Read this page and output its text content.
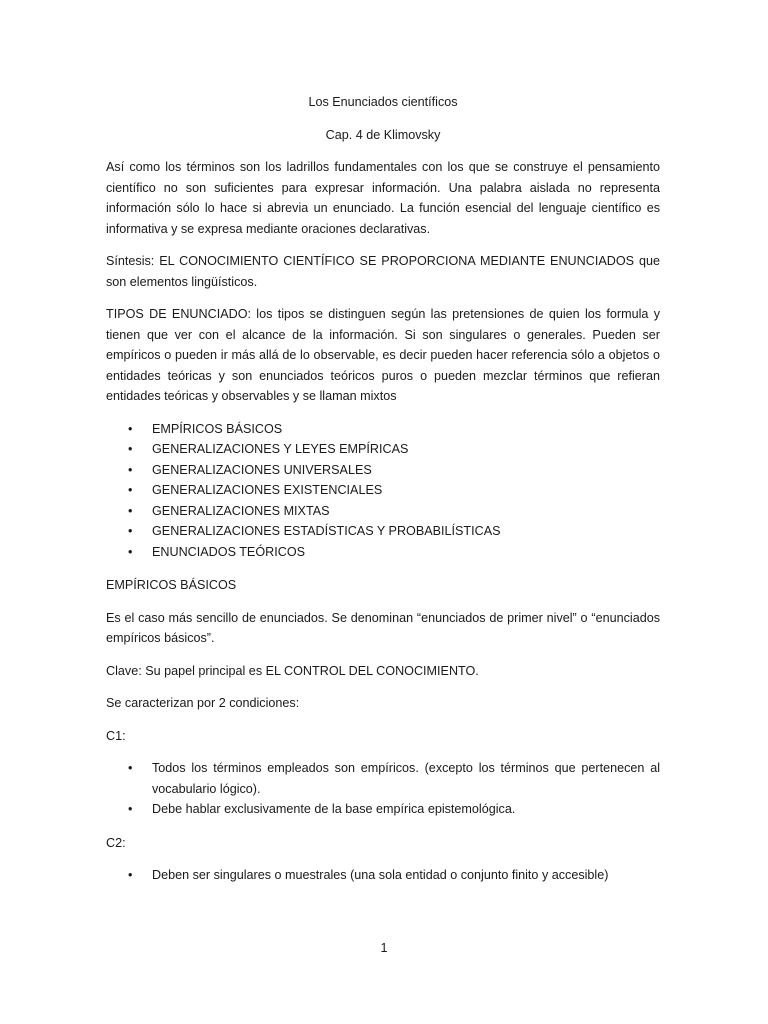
Los Enunciados científicos

Cap. 4 de Klimovsky

Así como los términos son los ladrillos fundamentales con los que se construye el pensamiento científico no son suficientes para expresar información. Una palabra aislada no representa información sólo lo hace si abrevia un enunciado. La función esencial del lenguaje científico es informativa y se expresa mediante oraciones declarativas.

Síntesis: EL CONOCIMIENTO CIENTÍFICO SE PROPORCIONA MEDIANTE ENUNCIADOS que son elementos lingüísticos.

TIPOS DE ENUNCIADO: los tipos se distinguen según las pretensiones de quien los formula y tienen que ver con el alcance de la información. Si son singulares o generales. Pueden ser empíricos o pueden ir más allá de lo observable, es decir pueden hacer referencia sólo a objetos o entidades teóricas y son enunciados teóricos puros o pueden mezclar términos que refieran entidades teóricas y observables y se llaman mixtos

• EMPÍRICOS BÁSICOS
• GENERALIZACIONES Y LEYES EMPÍRICAS
• GENERALIZACIONES UNIVERSALES
• GENERALIZACIONES EXISTENCIALES
• GENERALIZACIONES MIXTAS
• GENERALIZACIONES ESTADÍSTICAS Y PROBABILÍSTICAS
• ENUNCIADOS TEÓRICOS

EMPÍRICOS BÁSICOS

Es el caso más sencillo de enunciados. Se denominan “enunciados de primer nivel” o “enunciados empíricos básicos”.

Clave: Su papel principal es EL CONTROL DEL CONOCIMIENTO.

Se caracterizan por 2 condiciones:

C1:

• Todos los términos empleados son empíricos. (excepto los términos que pertenecen al vocabulario lógico).
• Debe hablar exclusivamente de la base empírica epistemológica.

C2:

• Deben ser singulares o muestrales (una sola entidad o conjunto finito y accesible)
1
